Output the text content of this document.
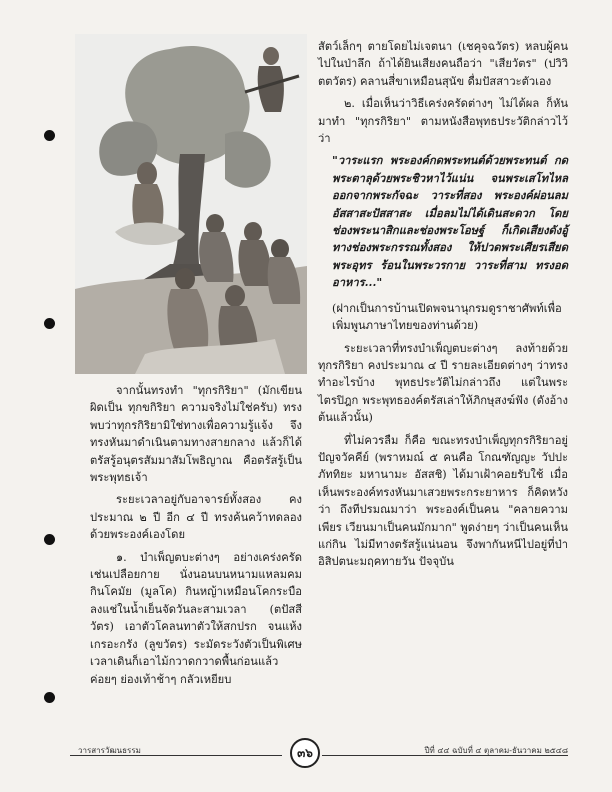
จากนั้นทรงทำ "ทุกรกิริยา" (มักเขียนผิดเป็น ทุกขกิริยา ความจริงไม่ใช่ครับ) ทรงพบว่าทุกรกิริยามิใช่ทางเพื่อความรู้แจ้ง จึงทรงหันมาดำเนินตามทางสายกลาง แล้วก็ได้ตรัสรู้อนุตรสัมมาสัมโพธิญาณ คือตรัสรู้เป็นพระพุทธเจ้า

ระยะเวลาอยู่กับอาจารย์ทั้งสอง คงประมาณ ๒ ปี อีก ๔ ปี ทรงค้นคว้าทดลองด้วยพระองค์เองโดย

๑. บำเพ็ญตบะต่างๆ อย่างเคร่งครัด เช่นเปลือยกาย นั่งนอนบนหนามแหลมคม กินโคมัย (มูลโค) กินหญ้าเหมือนโคกระบือ ลงแช่ในน้ำเย็นจัดวันละสามเวลา (ตปัสสีวัตร) เอาตัวโคลนทาตัวให้สกปรก จนแห้งเกรอะกรัง (ลูขวัตร) ระมัดระวังตัวเป็นพิเศษ เวลาเดินก็เอาไม้กวาดกวาดพื้นก่อนแล้วค่อยๆ ย่องเท้าช้าๆ กลัวเหยียบ

สัตว์เล็กๆ ตายโดยไม่เจตนา (เชคุจฉวัตร) หลบผู้คนไปในป่าลึก ถ้าได้ยินเสียงคนถือว่า "เสียวัตร" (ปวิวิตตวัตร) คลานสี่ขาเหมือนสุนัข ดื่มปัสสาวะตัวเอง

๒. เมื่อเห็นว่าวิธีเคร่งครัดต่างๆ ไม่ได้ผล ก็หันมาทำ "ทุกรกิริยา" ตามหนังสือพุทธประวัติกล่าวไว้ว่า

"วาระแรก พระองค์กดพระทนต์ด้วยพระทนต์ กดพระตาลุด้วยพระชิวหาไว้แน่น จนพระเสโทไหลออกจากพระกัจฉะ วาระที่สอง พระองค์ผ่อนลมอัสสาสะปัสสาสะ เมื่อลมไม่ได้เดินสะดวก โดยช่องพระนาสิกและช่องพระโอษฐ์ ก็เกิดเสียงดังอู้ทางช่องพระกรรณทั้งสอง ให้ปวดพระเศียรเสียดพระอุทร ร้อนในพระวรกาย วาระที่สาม ทรงอดอาหาร..."

(ฝากเป็นการบ้านเปิดพจนานุกรมดูราชาศัพท์เพื่อเพิ่มพูนภาษาไทยของท่านด้วย)

ระยะเวลาที่ทรงบำเพ็ญตบะต่างๆ ลงท้ายด้วยทุกรกิริยา คงประมาณ ๔ ปี รายละเอียดต่างๆ ว่าทรงทำอะไรบ้าง พุทธประวัติไม่กล่าวถึง แต่ในพระไตรปิฎก พระพุทธองค์ตรัสเล่าให้ภิกษุสงฆ์ฟัง (ดังอ้างต้นแล้วนั้น)

ที่ไม่ควรลืม ก็คือ ขณะทรงบำเพ็ญทุกรกิริยาอยู่ ปัญจวัคคีย์ (พราหมณ์ ๕ คนคือ โกณฑัญญะ วัปปะ ภัททิยะ มหานามะ อัสสชิ) ได้มาเฝ้าคอยรับใช้ เมื่อเห็นพระองค์ทรงหันมาเสวยพระกระยาหาร ก็คิดหวังว่า ถึงทีปรมณมาว่า พระองค์เป็นคน "คลายความเพียร เวียนมาเป็นคนมักมาก" พูดง่ายๆ ว่าเป็นคนเห็นแก่กิน ไม่มีทางตรัสรู้แน่นอน จึงพากันหนีไปอยู่ที่ป่าอิสิปตนะมฤคทายวัน ปัจจุบัน

วารสารวัฒนธรรม	๓๖	ปีที่ ๔๔ ฉบับที่ ๔ ตุลาคม-ธันวาคม ๒๕๔๘
